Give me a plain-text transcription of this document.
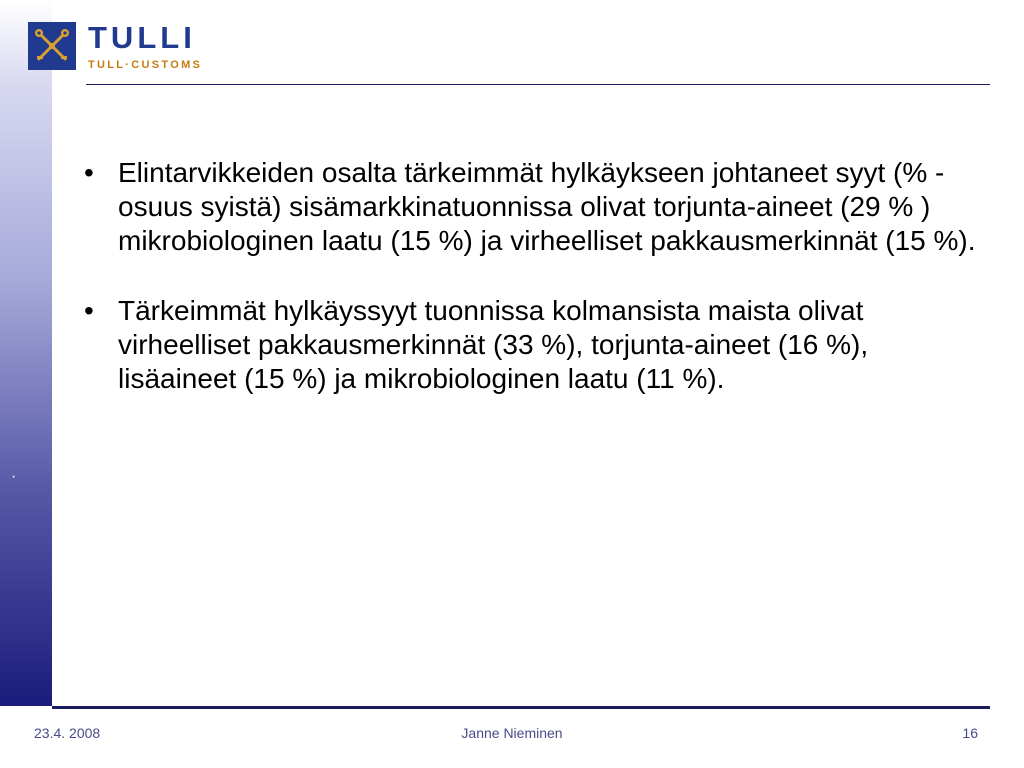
·
TULLI
TULL·CUSTOMS
• Elintarvikkeiden osalta tärkeimmät hylkäykseen johtaneet syyt (% -osuus syistä) sisämarkkinatuonnissa olivat torjunta-aineet (29 % ) mikrobiologinen laatu (15 %) ja virheelliset pakkausmerkinnät (15 %).
• Tärkeimmät hylkäyssyyt tuonnissa kolmansista maista olivat virheelliset pakkausmerkinnät (33 %), torjunta-aineet (16 %), lisäaineet (15 %) ja mikrobiologinen laatu (11 %).
23.4. 2008	Janne Nieminen	16
